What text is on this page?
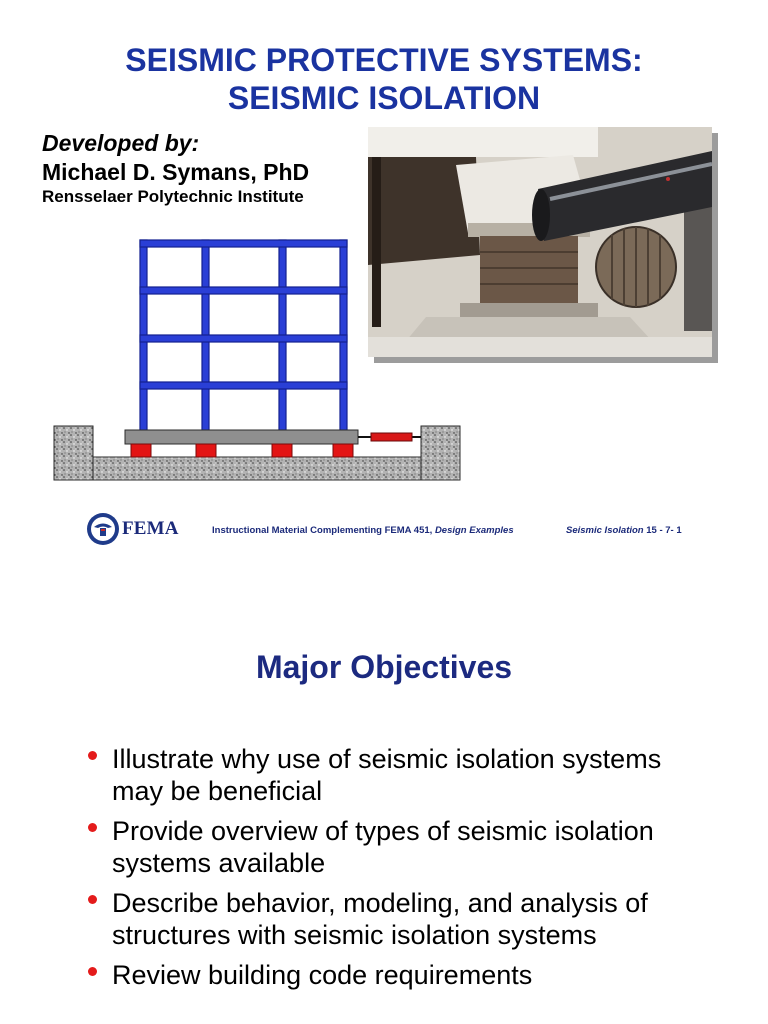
SEISMIC PROTECTIVE SYSTEMS:
SEISMIC ISOLATION
Developed by:
Michael D. Symans, PhD
Rensselaer Polytechnic Institute
FEMA	Instructional Material Complementing FEMA 451, Design Examples	Seismic Isolation 15 - 7- 1
Major Objectives
Illustrate why use of seismic isolation systems may be beneficial
Provide overview of types of seismic isolation systems available
Describe behavior, modeling, and analysis of structures with seismic isolation systems
Review building code requirements
